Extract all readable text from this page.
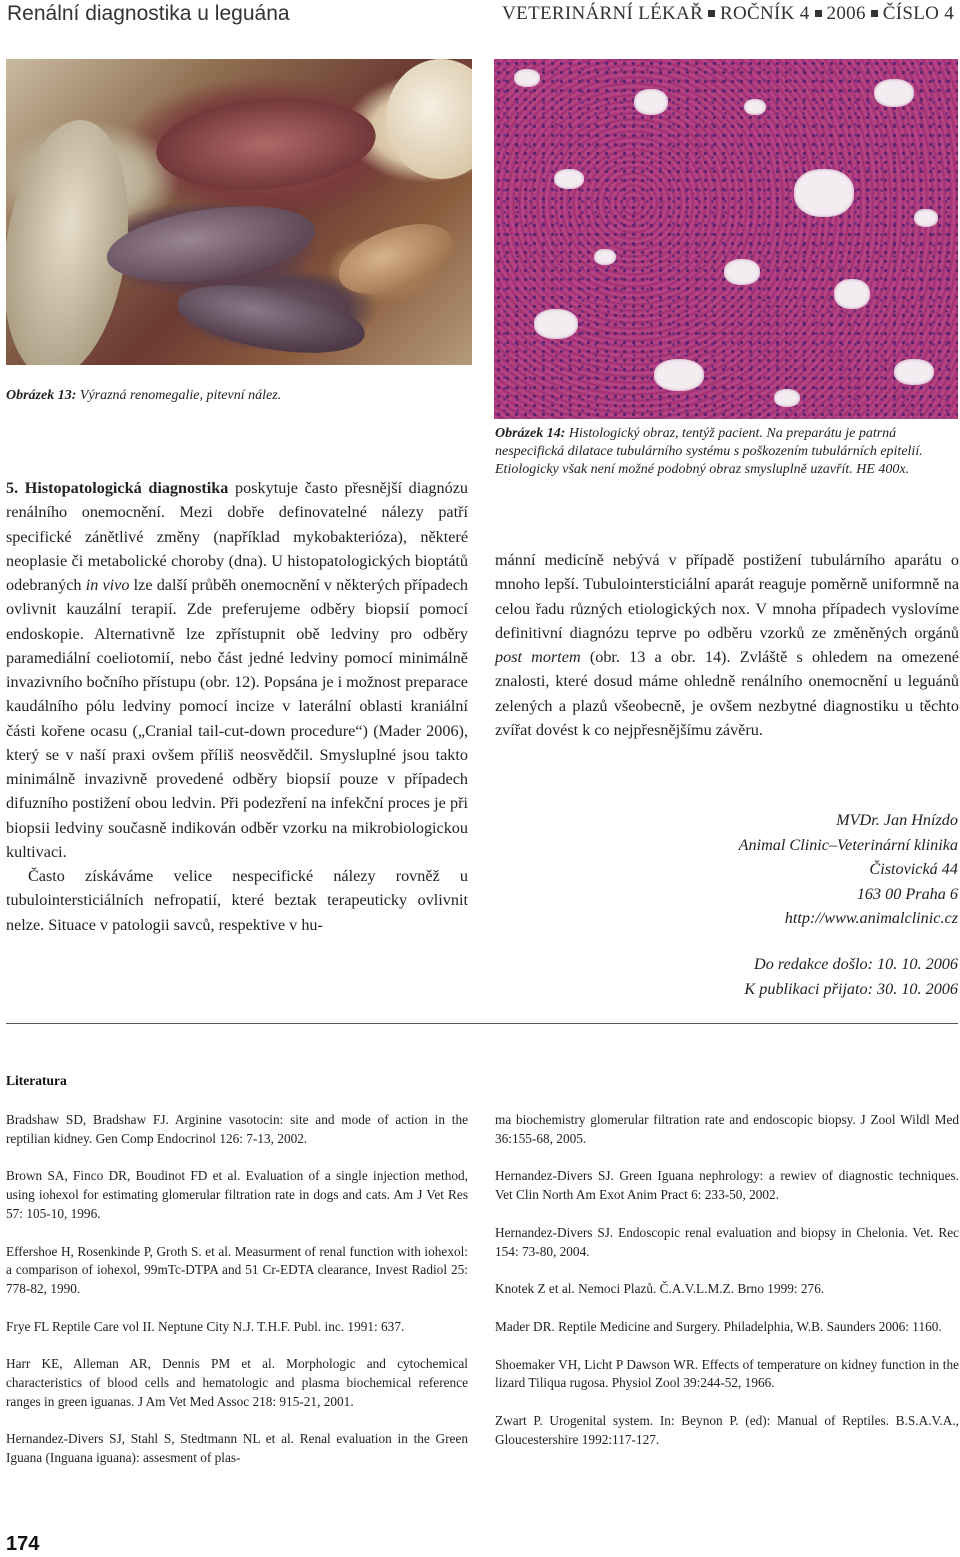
Renální diagnostika u leguána	VETERINÁRNÍ LÉKAŘ ROČNÍK 4 2006 ČÍSLO 4
Obrázek 13: Výrazná renomegalie, pitevní nález.
Obrázek 14: Histologický obraz, tentýž pacient. Na preparátu je patrná nespecifická dilatace tubulárního systému s poškozením tubulárních epitelií. Etiologicky však není možné podobný obraz smysluplně uzavřít. HE 400x.

5. Histopatologická diagnostika poskytuje často přesnější diagnózu renálního onemocnění. Mezi dobře definovatelné nálezy patří specifické zánětlivé změny (například mykobakterióza), některé neoplasie či metabolické choroby (dna). U histopatologických bioptátů odebraných in vivo lze další průběh onemocnění v některých případech ovlivnit kauzální terapií. Zde preferujeme odběry biopsií pomocí endoskopie. Alternativně lze zpřístupnit obě ledviny pro odběry paramediální coeliotomií, nebo část jedné ledviny pomocí minimálně invazivního bočního přístupu (obr. 12). Popsána je i možnost preparace kaudálního pólu ledviny pomocí incize v laterální oblasti kraniální části kořene ocasu („Cranial tail-cut-down procedure“) (Mader 2006), který se v naší praxi ovšem příliš neosvědčil. Smysluplné jsou takto minimálně invazivně provedené odběry biopsií pouze v případech difuzního postižení obou ledvin. Při podezření na infekční proces je při biopsii ledviny současně indikován odběr vzorku na mikrobiologickou kultivaci.

Často získáváme velice nespecifické nálezy rovněž u tubulointersticiálních nefropatií, které beztak terapeuticky ovlivnit nelze. Situace v patologii savců, respektive v hu-

mánní medicíně nebývá v případě postižení tubulárního aparátu o mnoho lepší. Tubulointersticiální aparát reaguje poměrně uniformně na celou řadu různých etiologických nox. V mnoha případech vyslovíme definitivní diagnózu teprve po odběru vzorků ze změněných orgánů post mortem (obr. 13 a obr. 14). Zvláště s ohledem na omezené znalosti, které dosud máme ohledně renálního onemocnění u leguánů zelených a plazů všeobecně, je ovšem nezbytné diagnostiku u těchto zvířat dovést k co nejpřesnějšímu závěru.

MVDr. Jan Hnízdo
Animal Clinic–Veterinární klinika
Čistovická 44
163 00 Praha 6
http://www.animalclinic.cz
Do redakce došlo: 10. 10. 2006
K publikaci přijato: 30. 10. 2006
Literatura
Bradshaw SD, Bradshaw FJ. Arginine vasotocin: site and mode of action in the reptilian kidney. Gen Comp Endocrinol 126: 7-13, 2002.
Brown SA, Finco DR, Boudinot FD et al. Evaluation of a single injection method, using iohexol for estimating glomerular filtration rate in dogs and cats. Am J Vet Res 57: 105-10, 1996.
Effershoe H, Rosenkinde P, Groth S. et al. Measurment of renal function with iohexol: a comparison of iohexol, 99mTc-DTPA and 51 Cr-EDTA clearance, Invest Radiol 25: 778-82, 1990.
Frye FL Reptile Care vol II. Neptune City N.J. T.H.F. Publ. inc. 1991: 637.
Harr KE, Alleman AR, Dennis PM et al. Morphologic and cytochemical characteristics of blood cells and hematologic and plasma biochemical reference ranges in green iguanas. J Am Vet Med Assoc 218: 915-21, 2001.
Hernandez-Divers SJ, Stahl S, Stedtmann NL et al. Renal evaluation in the Green Iguana (Inguana iguana): assesment of plas-
ma biochemistry glomerular filtration rate and endoscopic biopsy. J Zool Wildl Med 36:155-68, 2005.
Hernandez-Divers SJ. Green Iguana nephrology: a rewiev of diagnostic techniques. Vet Clin North Am Exot Anim Pract 6: 233-50, 2002.
Hernandez-Divers SJ. Endoscopic renal evaluation and biopsy in Chelonia. Vet. Rec 154: 73-80, 2004.
Knotek Z et al. Nemoci Plazů. Č.A.V.L.M.Z. Brno 1999: 276.
Mader DR. Reptile Medicine and Surgery. Philadelphia, W.B. Saunders 2006: 1160.
Shoemaker VH, Licht P Dawson WR. Effects of temperature on kidney function in the lizard Tiliqua rugosa. Physiol Zool 39:244-52, 1966.
Zwart P. Urogenital system. In: Beynon P. (ed): Manual of Reptiles. B.S.A.V.A., Gloucestershire 1992:117-127.
174
